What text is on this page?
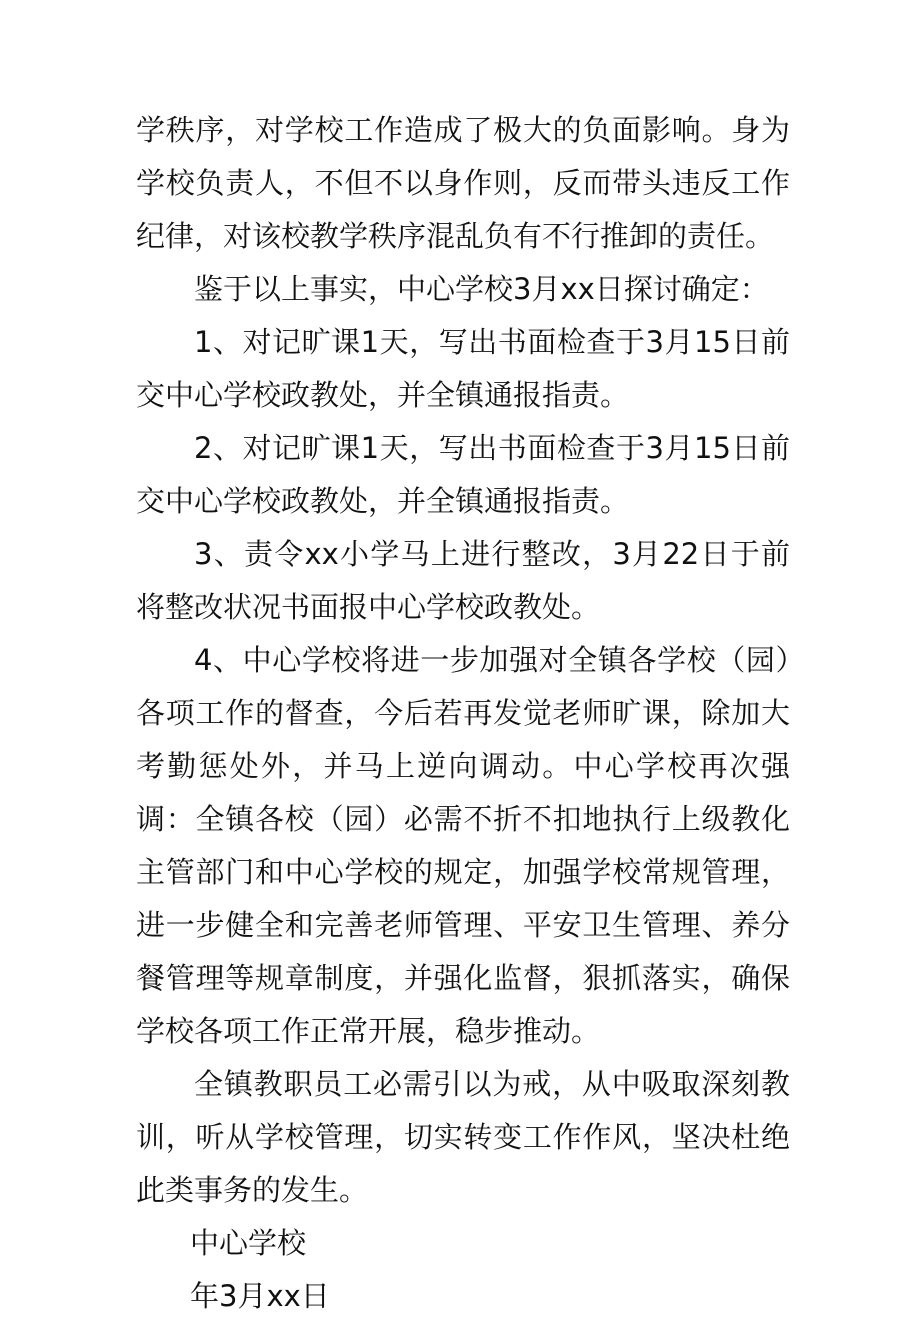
学秩序，对学校工作造成了极大的负面影响。身为学校负责人，不但不以身作则，反而带头违反工作纪律，对该校教学秩序混乱负有不行推卸的责任。

鉴于以上事实，中心学校3月xx日探讨确定：

1、对记旷课1天，写出书面检查于3月15日前交中心学校政教处，并全镇通报指责。

2、对记旷课1天，写出书面检查于3月15日前交中心学校政教处，并全镇通报指责。

3、责令xx小学马上进行整改，3月22日于前将整改状况书面报中心学校政教处。

4、中心学校将进一步加强对全镇各学校（园）各项工作的督查，今后若再发觉老师旷课，除加大考勤惩处外，并马上逆向调动。中心学校再次强调：全镇各校（园）必需不折不扣地执行上级教化主管部门和中心学校的规定，加强学校常规管理，进一步健全和完善老师管理、平安卫生管理、养分餐管理等规章制度，并强化监督，狠抓落实，确保学校各项工作正常开展，稳步推动。

全镇教职员工必需引以为戒，从中吸取深刻教训，听从学校管理，切实转变工作作风，坚决杜绝此类事务的发生。

中心学校

年3月xx日
